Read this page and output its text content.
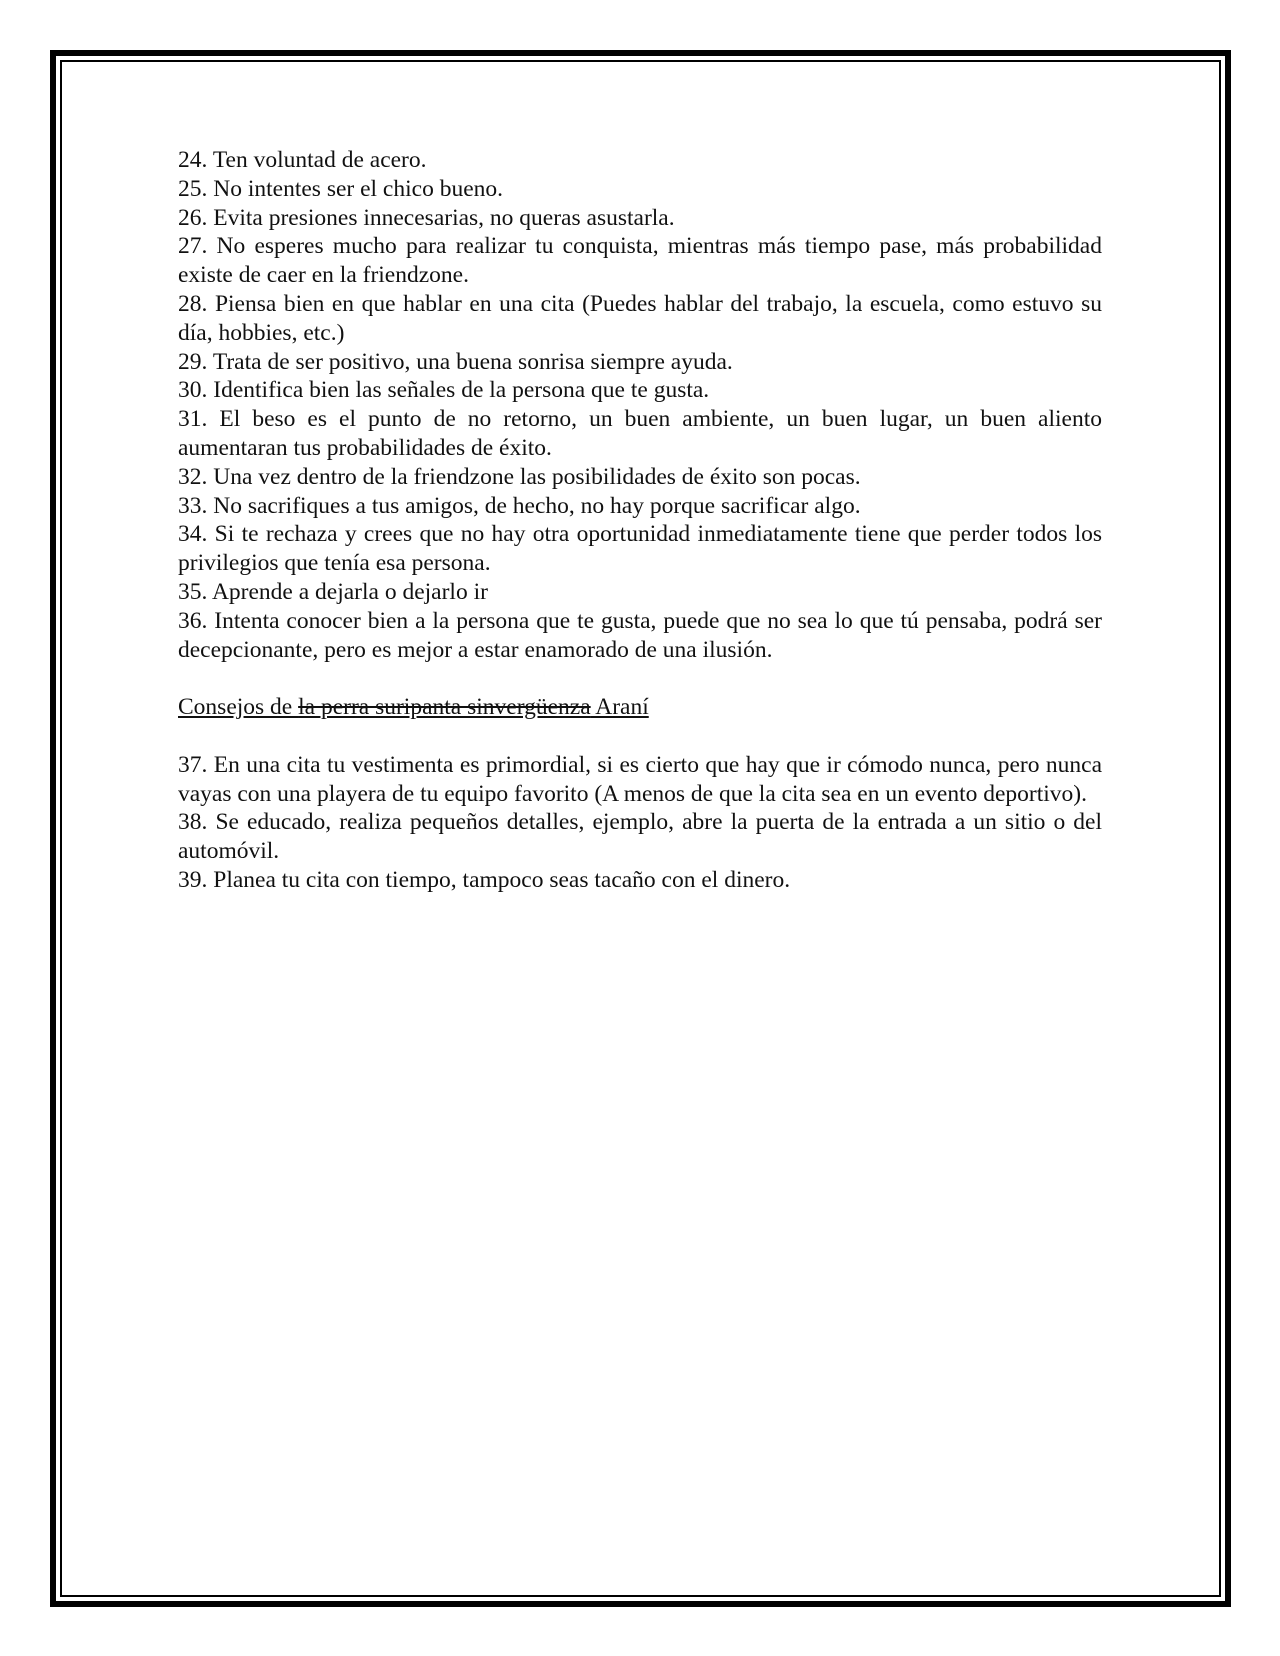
24. Ten voluntad de acero.

25. No intentes ser el chico bueno.

26. Evita presiones innecesarias, no queras asustarla.

27. No esperes mucho para realizar tu conquista, mientras más tiempo pase, más probabilidad existe de caer en la friendzone.

28. Piensa bien en que hablar en una cita (Puedes hablar del trabajo, la escuela, como estuvo su día, hobbies, etc.)

29. Trata de ser positivo, una buena sonrisa siempre ayuda.

30. Identifica bien las señales de la persona que te gusta.

31. El beso es el punto de no retorno, un buen ambiente, un buen lugar, un buen aliento aumentaran tus probabilidades de éxito.

32. Una vez dentro de la friendzone las posibilidades de éxito son pocas.

33. No sacrifiques a tus amigos, de hecho, no hay porque sacrificar algo.

34. Si te rechaza y crees que no hay otra oportunidad inmediatamente tiene que perder todos los privilegios que tenía esa persona.

35. Aprende a dejarla o dejarlo ir

36. Intenta conocer bien a la persona que te gusta, puede que no sea lo que tú pensaba, podrá ser decepcionante, pero es mejor a estar enamorado de una ilusión.

Consejos de la perra suripanta sinvergüenza Araní

37. En una cita tu vestimenta es primordial, si es cierto que hay que ir cómodo nunca, pero nunca vayas con una playera de tu equipo favorito (A menos de que la cita sea en un evento deportivo).

38. Se educado, realiza pequeños detalles, ejemplo, abre la puerta de la entrada a un sitio o del automóvil.

39. Planea tu cita con tiempo, tampoco seas tacaño con el dinero.
